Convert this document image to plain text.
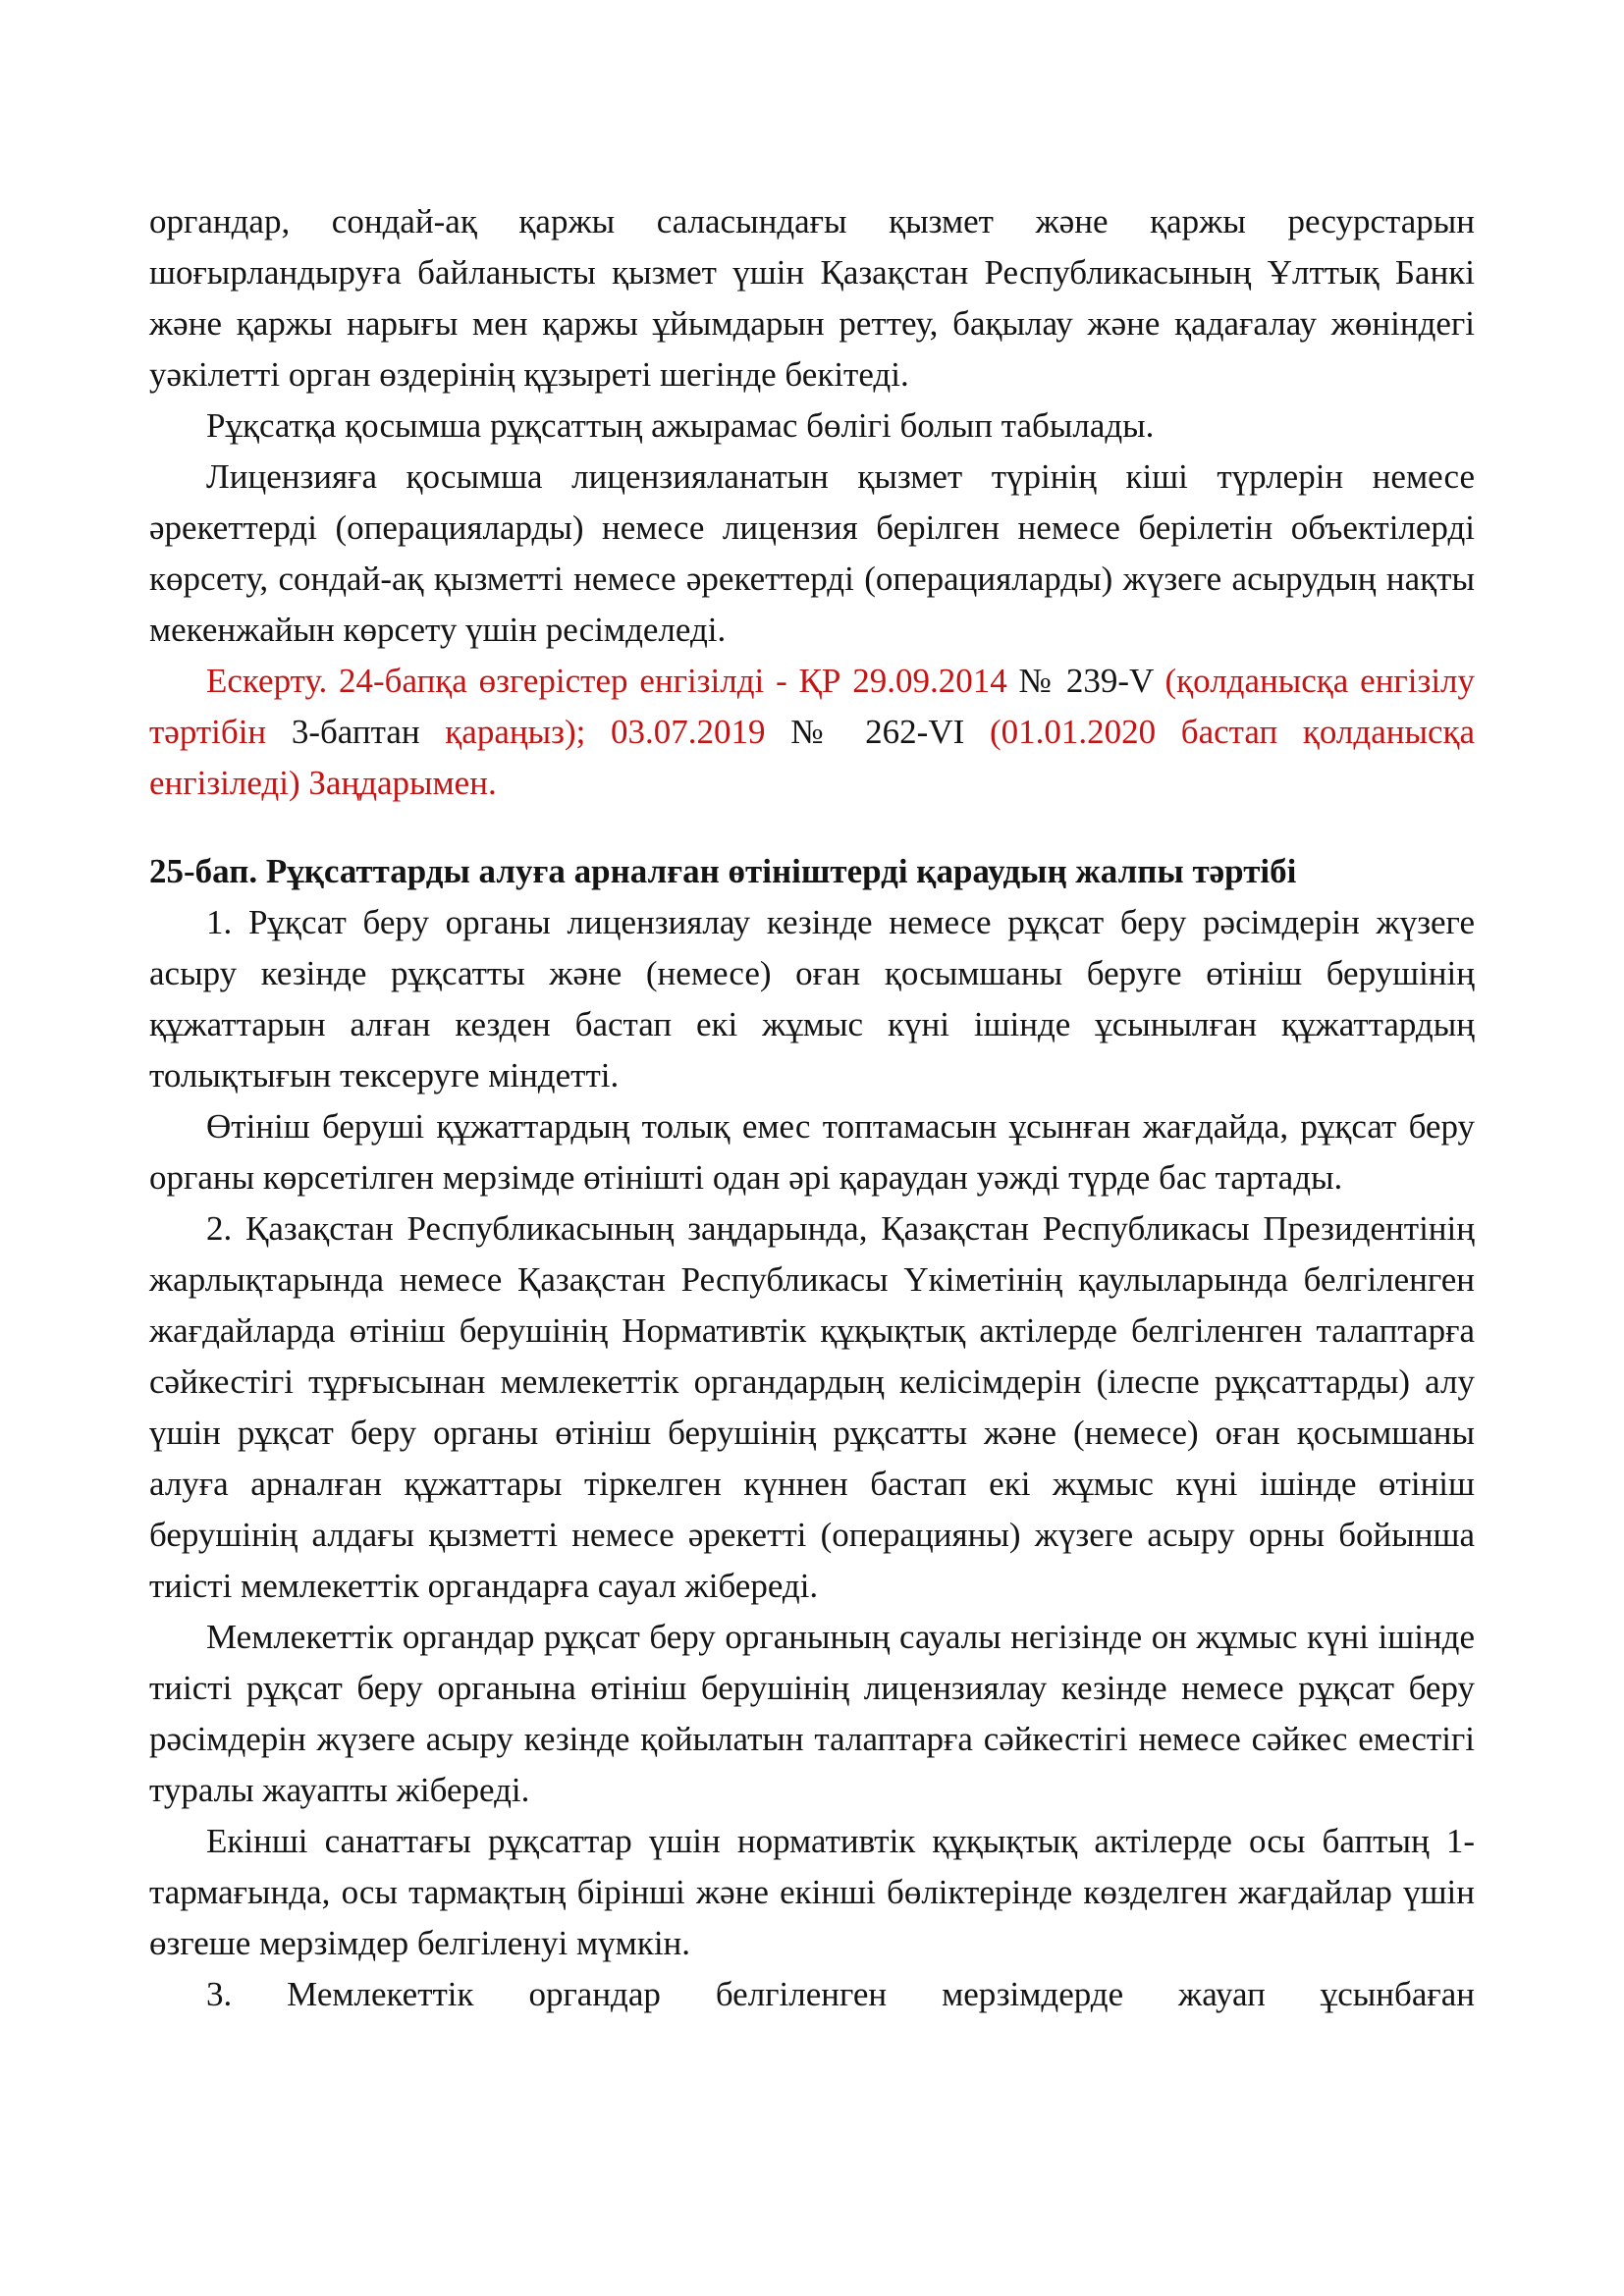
органдар, сондай-ақ қаржы саласындағы қызмет және қаржы ресурстарын шоғырландыруға байланысты қызмет үшін Қазақстан Республикасының Ұлттық Банкі және қаржы нарығы мен қаржы ұйымдарын реттеу, бақылау және қадағалау жөніндегі уәкілетті орган өздерінің құзыреті шегінде бекітеді.

Рұқсатқа қосымша рұқсаттың ажырамас бөлігі болып табылады.

Лицензияға қосымша лицензияланатын қызмет түрінің кіші түрлерін немесе әрекеттерді (операцияларды) немесе лицензия берілген немесе берілетін объектілерді көрсету, сондай-ақ қызметті немесе әрекеттерді (операцияларды) жүзеге асырудың нақты мекенжайын көрсету үшін ресімделеді.

Ескерту. 24-бапқа өзгерістер енгізілді - ҚР 29.09.2014 № 239-V (қолданысқа енгізілу тәртібін 3-баптан қараңыз); 03.07.2019 № 262-VI (01.01.2020 бастап қолданысқа енгізіледі) Заңдарымен.

25-бап. Рұқсаттарды алуға арналған өтініштерді қараудың жалпы тәртібі

1. Рұқсат беру органы лицензиялау кезінде немесе рұқсат беру рәсімдерін жүзеге асыру кезінде рұқсатты және (немесе) оған қосымшаны беруге өтініш берушінің құжаттарын алған кезден бастап екі жұмыс күні ішінде ұсынылған құжаттардың толықтығын тексеруге міндетті.

Өтініш беруші құжаттардың толық емес топтамасын ұсынған жағдайда, рұқсат беру органы көрсетілген мерзімде өтінішті одан әрі қараудан уәжді түрде бас тартады.

2. Қазақстан Республикасының заңдарында, Қазақстан Республикасы Президентінің жарлықтарында немесе Қазақстан Республикасы Үкіметінің қаулыларында белгіленген жағдайларда өтініш берушінің Нормативтік құқықтық актілерде белгіленген талаптарға сәйкестігі тұрғысынан мемлекеттік органдардың келісімдерін (ілеспе рұқсаттарды) алу үшін рұқсат беру органы өтініш берушінің рұқсатты және (немесе) оған қосымшаны алуға арналған құжаттары тіркелген күннен бастап екі жұмыс күні ішінде өтініш берушінің алдағы қызметті немесе әрекетті (операцияны) жүзеге асыру орны бойынша тиісті мемлекеттік органдарға сауал жібереді.

Мемлекеттік органдар рұқсат беру органының сауалы негізінде он жұмыс күні ішінде тиісті рұқсат беру органына өтініш берушінің лицензиялау кезінде немесе рұқсат беру рәсімдерін жүзеге асыру кезінде қойылатын талаптарға сәйкестігі немесе сәйкес еместігі туралы жауапты жібереді.

Екінші санаттағы рұқсаттар үшін нормативтік құқықтық актілерде осы баптың 1-тармағында, осы тармақтың бірінші және екінші бөліктерінде көзделген жағдайлар үшін өзгеше мерзімдер белгіленуі мүмкін.

3. Мемлекеттік органдар белгіленген мерзімдерде жауап ұсынбаған
